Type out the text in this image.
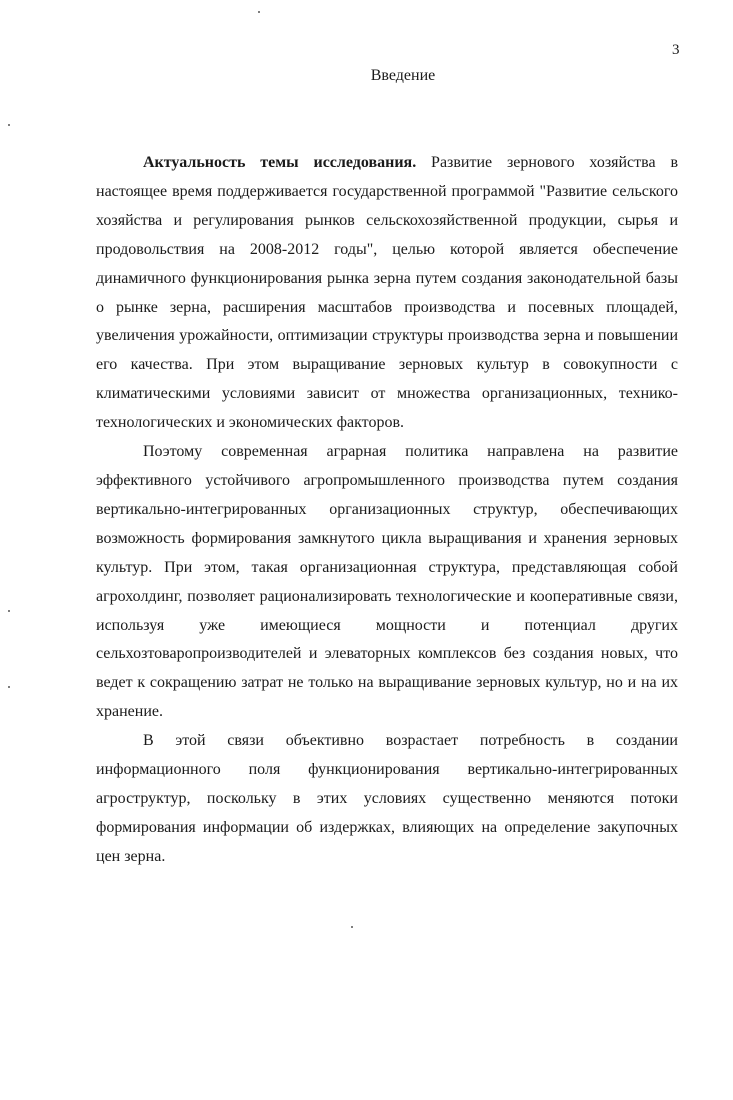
3
Введение

Актуальность темы исследования. Развитие зернового хозяйства в настоящее время поддерживается государственной программой "Развитие сельского хозяйства и регулирования рынков сельскохозяйственной продукции, сырья и продовольствия на 2008-2012 годы", целью которой является обеспечение динамичного функционирования рынка зерна путем создания законодательной базы о рынке зерна, расширения масштабов производства и посевных площадей, увеличения урожайности, оптимизации структуры производства зерна и повышении его качества. При этом выращивание зерновых культур в совокупности с климатическими условиями зависит от множества организационных, технико-технологических и экономических факторов.

Поэтому современная аграрная политика направлена на развитие эффективного устойчивого агропромышленного производства путем создания вертикально-интегрированных организационных структур, обеспечивающих возможность формирования замкнутого цикла выращивания и хранения зерновых культур. При этом, такая организационная структура, представляющая собой агрохолдинг, позволяет рационализировать технологические и кооперативные связи, используя уже имеющиеся мощности и потенциал других сельхозтоваропроизводителей и элеваторных комплексов без создания новых, что ведет к сокращению затрат не только на выращивание зерновых культур, но и на их хранение.

В этой связи объективно возрастает потребность в создании информационного поля функционирования вертикально-интегрированных агроструктур, поскольку в этих условиях существенно меняются потоки формирования информации об издержках, влияющих на определение закупочных цен зерна.
